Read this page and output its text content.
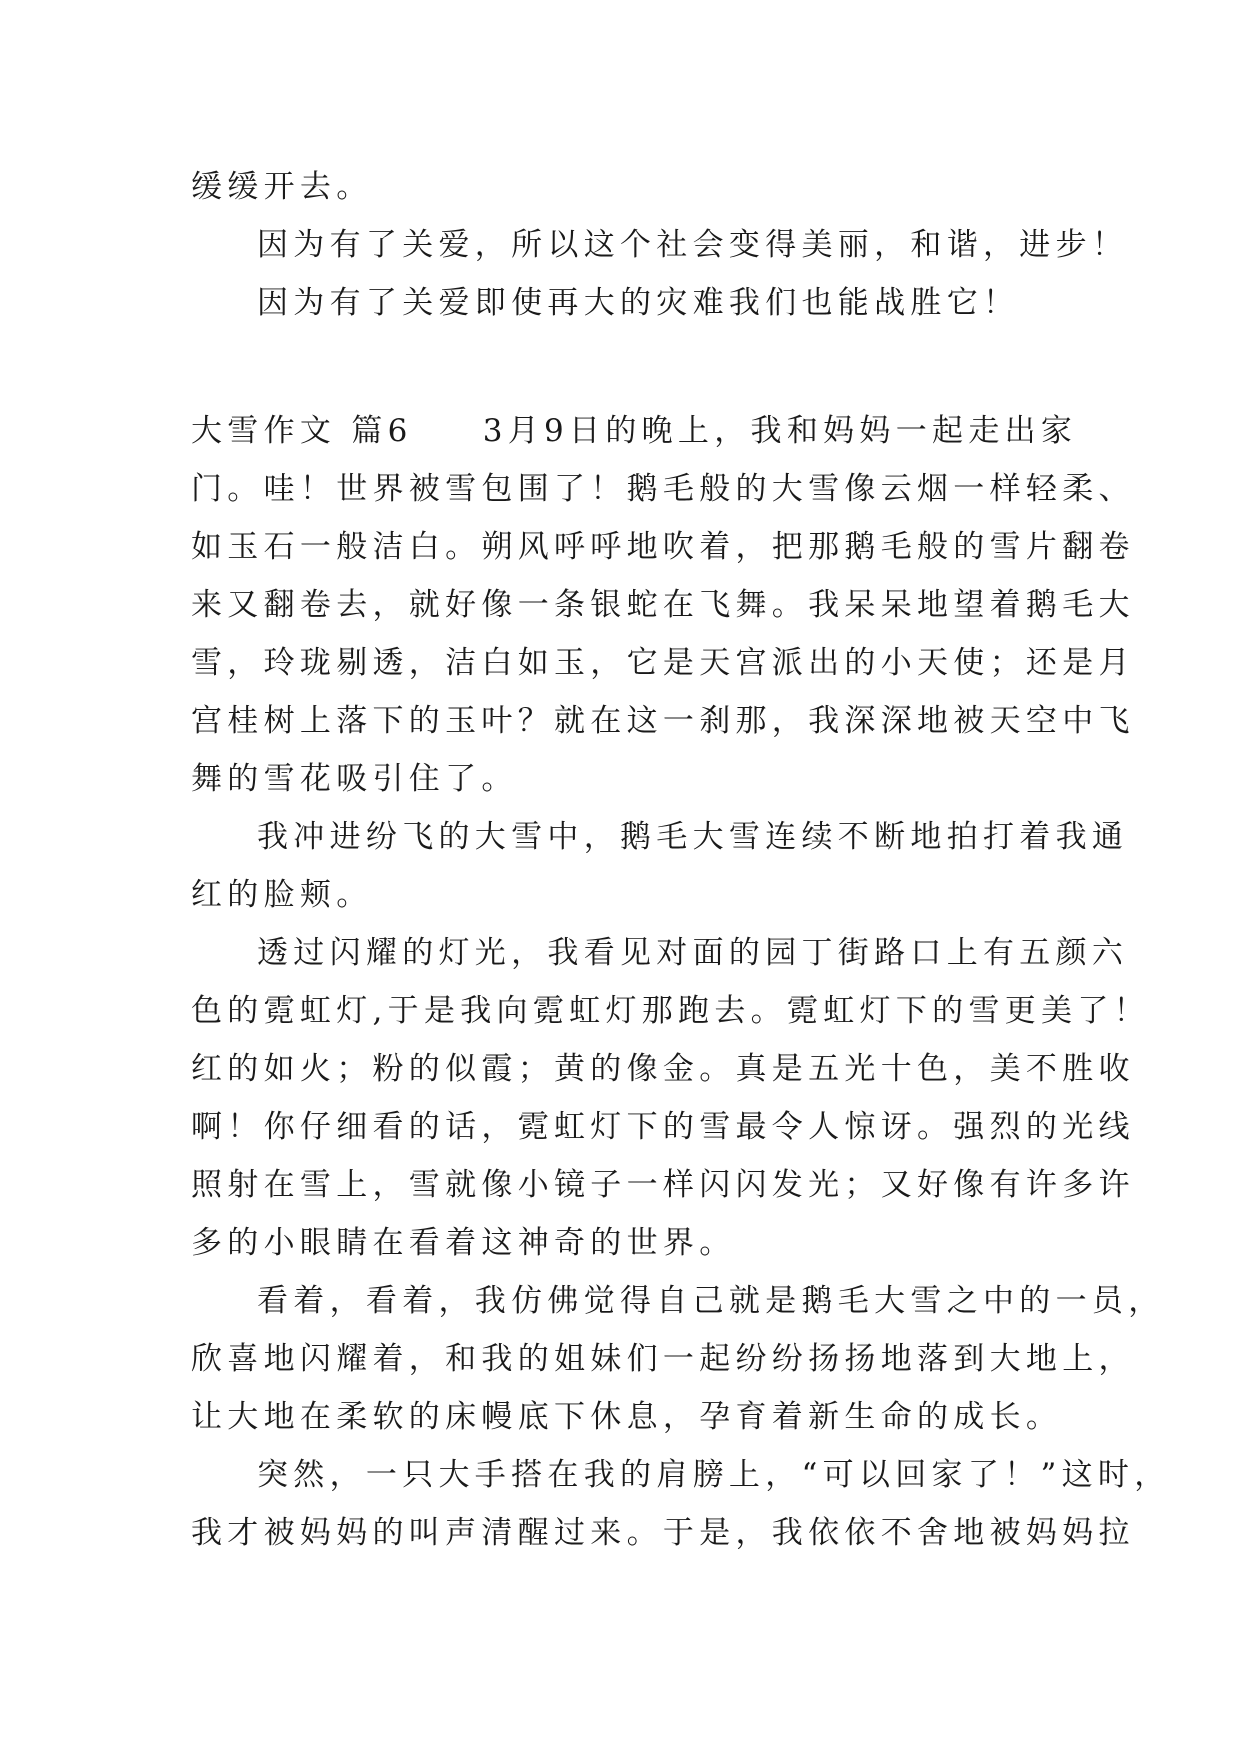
缓缓开去。
因为有了关爱，所以这个社会变得美丽，和谐，进步！
因为有了关爱即使再大的灾难我们也能战胜它！
大雪作文 篇6 3月9日的晚上，我和妈妈一起走出家
门。哇！世界被雪包围了！鹅毛般的大雪像云烟一样轻柔、
如玉石一般洁白。朔风呼呼地吹着，把那鹅毛般的雪片翻卷
来又翻卷去，就好像一条银蛇在飞舞。我呆呆地望着鹅毛大
雪，玲珑剔透，洁白如玉，它是天宫派出的小天使；还是月
宫桂树上落下的玉叶？就在这一刹那，我深深地被天空中飞
舞的雪花吸引住了。
我冲进纷飞的大雪中，鹅毛大雪连续不断地拍打着我通
红的脸颊。
透过闪耀的灯光，我看见对面的园丁街路口上有五颜六
色的霓虹灯,于是我向霓虹灯那跑去。霓虹灯下的雪更美了！
红的如火；粉的似霞；黄的像金。真是五光十色，美不胜收
啊！你仔细看的话，霓虹灯下的雪最令人惊讶。强烈的光线
照射在雪上，雪就像小镜子一样闪闪发光；又好像有许多许
多的小眼睛在看着这神奇的世界。
看着，看着，我仿佛觉得自己就是鹅毛大雪之中的一员，
欣喜地闪耀着，和我的姐妹们一起纷纷扬扬地落到大地上，
让大地在柔软的床幔底下休息，孕育着新生命的成长。
突然，一只大手搭在我的肩膀上，“可以回家了！”这时，
我才被妈妈的叫声清醒过来。于是，我依依不舍地被妈妈拉
